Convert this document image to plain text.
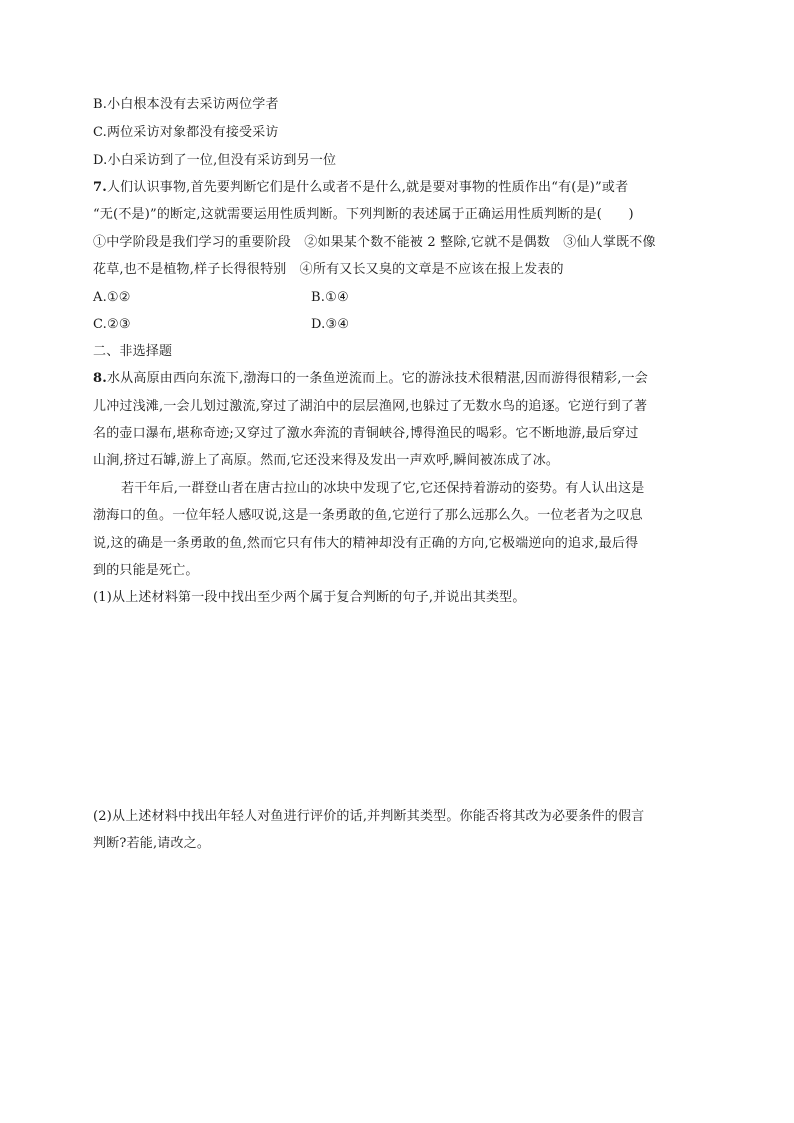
B.小白根本没有去采访两位学者
C.两位采访对象都没有接受采访
D.小白采访到了一位,但没有采访到另一位
7.人们认识事物,首先要判断它们是什么或者不是什么,就是要对事物的性质作出“有(是)”或者
“无(不是)”的断定,这就需要运用性质判断。下列判断的表述属于正确运用性质判断的是(　　)
①中学阶段是我们学习的重要阶段　②如果某个数不能被 2 整除,它就不是偶数　③仙人掌既不像
花草,也不是植物,样子长得很特别　④所有又长又臭的文章是不应该在报上发表的
A.①②	B.①④
C.②③	D.③④
二、非选择题
8.水从高原由西向东流下,渤海口的一条鱼逆流而上。它的游泳技术很精湛,因而游得很精彩,一会
儿冲过浅滩,一会儿划过激流,穿过了湖泊中的层层渔网,也躲过了无数水鸟的追逐。它逆行到了著
名的壶口瀑布,堪称奇迹;又穿过了激水奔流的青铜峡谷,博得渔民的喝彩。它不断地游,最后穿过
山涧,挤过石罅,游上了高原。然而,它还没来得及发出一声欢呼,瞬间被冻成了冰。
若干年后,一群登山者在唐古拉山的冰块中发现了它,它还保持着游动的姿势。有人认出这是
渤海口的鱼。一位年轻人感叹说,这是一条勇敢的鱼,它逆行了那么远那么久。一位老者为之叹息
说,这的确是一条勇敢的鱼,然而它只有伟大的精神却没有正确的方向,它极端逆向的追求,最后得
到的只能是死亡。
(1)从上述材料第一段中找出至少两个属于复合判断的句子,并说出其类型。
(2)从上述材料中找出年轻人对鱼进行评价的话,并判断其类型。你能否将其改为必要条件的假言
判断?若能,请改之。
